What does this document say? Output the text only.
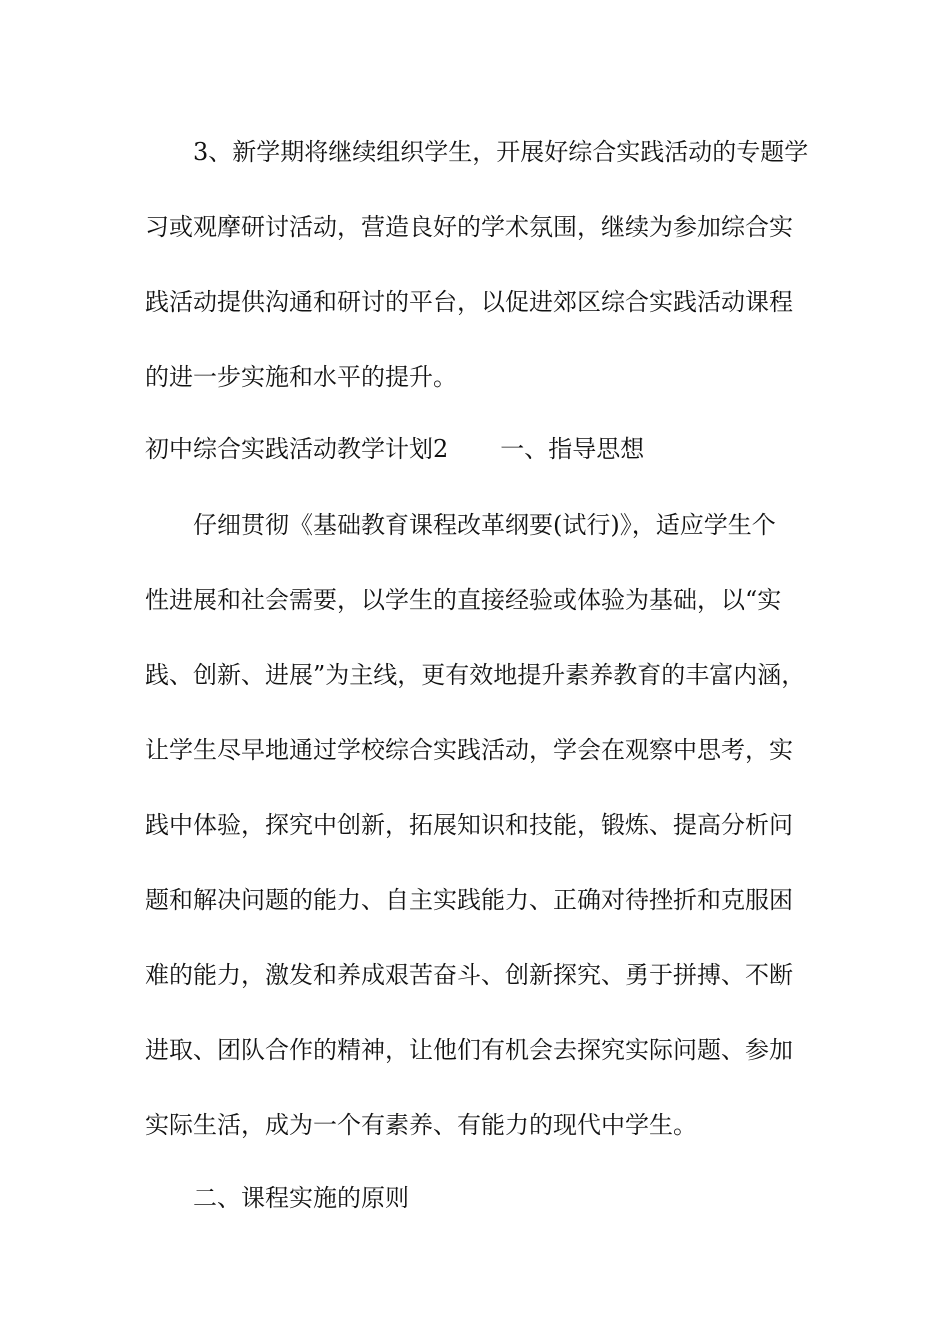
3、新学期将继续组织学生，开展好综合实践活动的专题学
习或观摩研讨活动，营造良好的学术氛围，继续为参加综合实
践活动提供沟通和研讨的平台，以促进郊区综合实践活动课程
的进一步实施和水平的提升。
初中综合实践活动教学计划2 一、指导思想
仔细贯彻《基础教育课程改革纲要(试行)》，适应学生个
性进展和社会需要，以学生的直接经验或体验为基础，以“实
践、创新、进展”为主线，更有效地提升素养教育的丰富内涵，
让学生尽早地通过学校综合实践活动，学会在观察中思考，实
践中体验，探究中创新，拓展知识和技能，锻炼、提高分析问
题和解决问题的能力、自主实践能力、正确对待挫折和克服困
难的能力，激发和养成艰苦奋斗、创新探究、勇于拼搏、不断
进取、团队合作的精神，让他们有机会去探究实际问题、参加
实际生活，成为一个有素养、有能力的现代中学生。
二、课程实施的原则
